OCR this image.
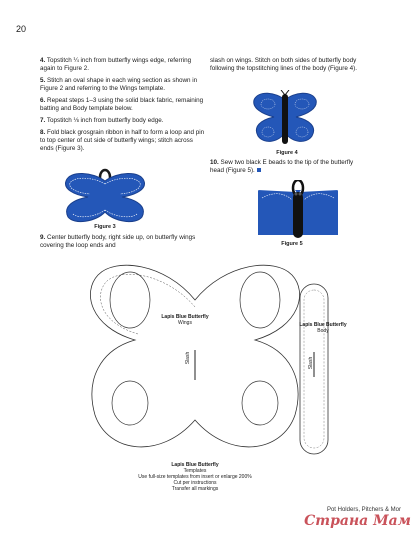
20

4. Topstitch ¼ inch from butterfly wings edge, referring again to Figure 2.

5. Stitch an oval shape in each wing section as shown in Figure 2 and referring to the Wings template.

6. Repeat steps 1–3 using the solid black fabric, remaining batting and Body template below.

7. Topstitch ⅛ inch from butterfly body edge.

8. Fold black grosgrain ribbon in half to form a loop and pin to top center of cut side of butterfly wings; stitch across ends (Figure 3).

slash on wings. Stitch on both sides of butterfly body following the topstitching lines of the body (Figure 4).

Figure 3
9. Center butterfly body, right side up, on butterfly wings covering the loop ends and
Figure 4
10. Sew two black E beads to the tip of the butterfly head (Figure 5).
Figure 5
Lapis Blue Butterfly
Wings
Slash
Lapis Blue Butterfly
Body
Slash
Lapis Blue Butterfly
Templates
Use full-size templates from insert or enlarge 200%
Cut per instructions
Transfer all markings
Pot Holders, Pitchers & Mor
Страна Мам
